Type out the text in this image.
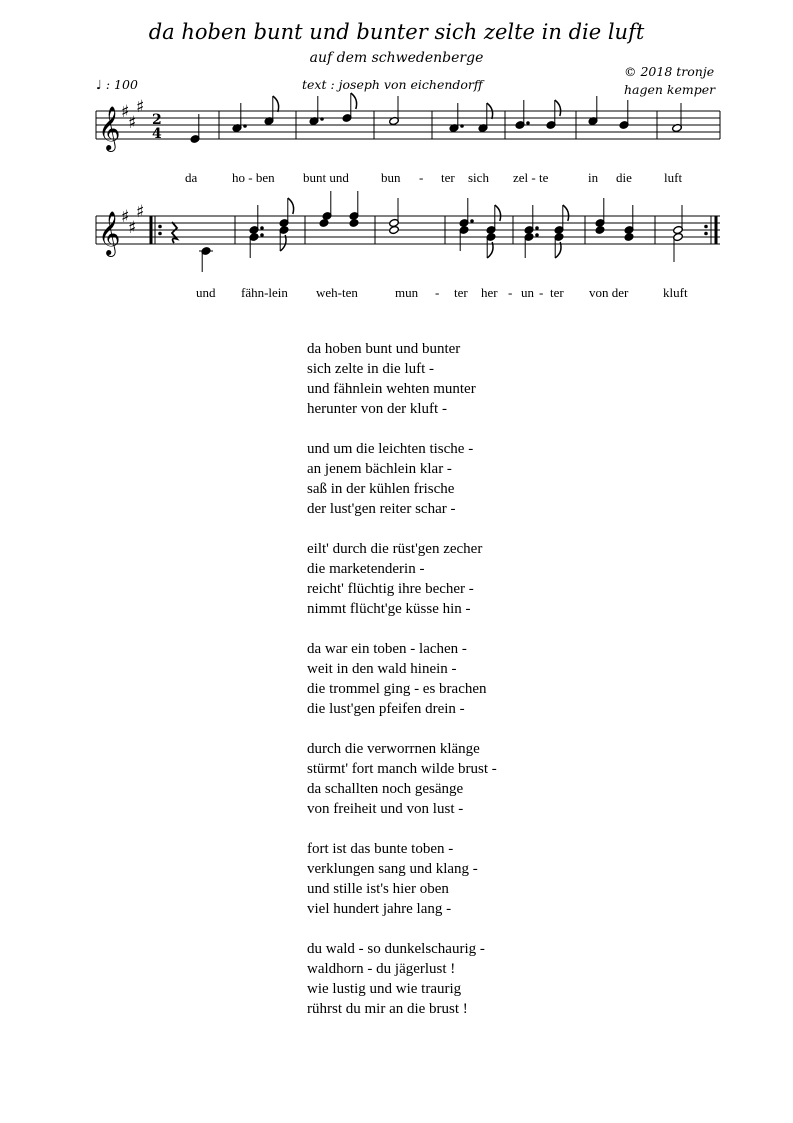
da hoben bunt und bunter sich zelte in die luft
auf dem schwedenberge
♩ : 100	text : joseph von eichendorff
© 2018 tronje
hagen kemper
𝄞 ♯
♯
♯
2
4
𝄞 ♯
♯
♯
da	ho - ben bunt und bun - ter sich zel - te	in die luft
und fähn-lein weh-ten	mun - ter her - un - ter von der	kluft
da hoben bunt und bunter
sich zelte in die luft -
und fähnlein wehten munter
herunter von der kluft -
und um die leichten tische -
an jenem bächlein klar -
saß in der kühlen frische
der lust'gen reiter schar -
eilt' durch die rüst'gen zecher
die marketenderin -
reicht' flüchtig ihre becher -
nimmt flücht'ge küsse hin -
da war ein toben - lachen -
weit in den wald hinein -
die trommel ging - es brachen
die lust'gen pfeifen drein -
durch die verworrnen klänge
stürmt' fort manch wilde brust -
da schallten noch gesänge
von freiheit und von lust -
fort ist das bunte toben -
verklungen sang und klang -
und stille ist's hier oben
viel hundert jahre lang -
du wald - so dunkelschaurig -
waldhorn - du jägerlust !
wie lustig und wie traurig
rührst du mir an die brust !
